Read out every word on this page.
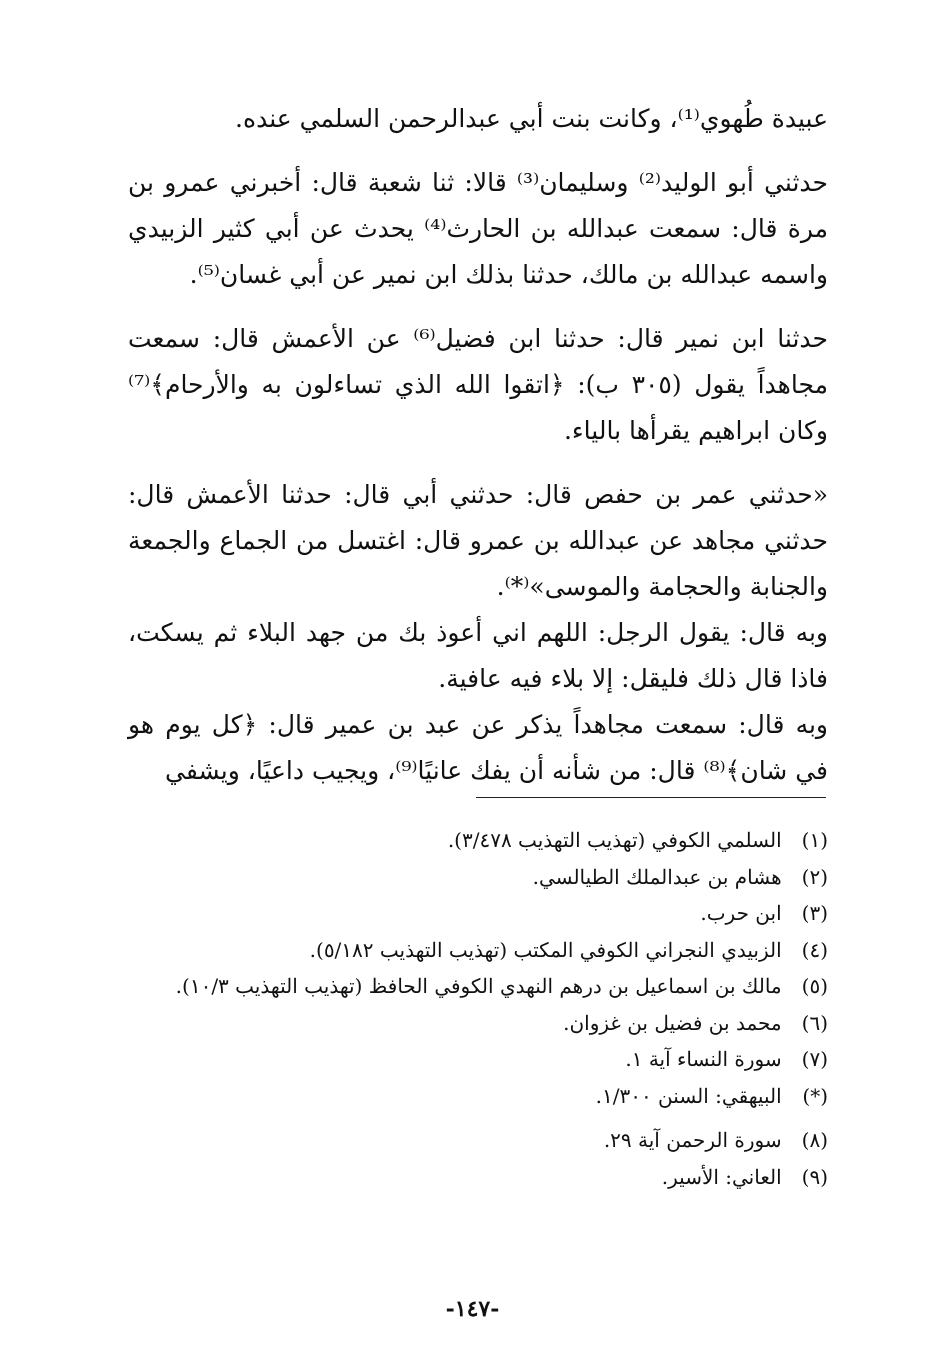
عبيدة طُهوي⁽¹⁾، وكانت بنت أبي عبدالرحمن السلمي عنده.

حدثني أبو الوليد⁽²⁾ وسليمان⁽³⁾ قالا: ثنا شعبة قال: أخبرني عمرو بن مرة قال: سمعت عبدالله بن الحارث⁽⁴⁾ يحدث عن أبي كثير الزبيدي واسمه عبدالله بن مالك، حدثنا بذلك ابن نمير عن أبي غسان⁽⁵⁾.

حدثنا ابن نمير قال: حدثنا ابن فضيل⁽⁶⁾ عن الأعمش قال: سمعت مجاهداً يقول (٣٠٥ ب): ﴿اتقوا الله الذي تساءلون به والأرحام﴾⁽⁷⁾ وكان ابراهيم يقرأها بالياء.

«حدثني عمر بن حفص قال: حدثني أبي قال: حدثنا الأعمش قال: حدثني مجاهد عن عبدالله بن عمرو قال: اغتسل من الجماع والجمعة والجنابة والحجامة والموسى»⁽*⁾.

وبه قال: يقول الرجل: اللهم اني أعوذ بك من جهد البلاء ثم يسكت، فاذا قال ذلك فليقل: إلا بلاء فيه عافية.

وبه قال: سمعت مجاهداً يذكر عن عبد بن عمير قال: ﴿كل يوم هو في شان﴾⁽⁸⁾ قال: من شأنه أن يفك عانيًا⁽⁹⁾، ويجيب داعيًا، ويشفي

(١) السلمي الكوفي (تهذيب التهذيب ٣/٤٧٨).

(٢) هشام بن عبدالملك الطيالسي.

(٣) ابن حرب.

(٤) الزبيدي النجراني الكوفي المكتب (تهذيب التهذيب ٥/١٨٢).

(٥) مالك بن اسماعيل بن درهم النهدي الكوفي الحافظ (تهذيب التهذيب ١٠/٣).

(٦) محمد بن فضيل بن غزوان.

(٧) سورة النساء آية ١.

(*) البيهقي: السنن ١/٣٠٠.

(٨) سورة الرحمن آية ٢٩.

(٩) العاني: الأسير.

-١٤٧-
